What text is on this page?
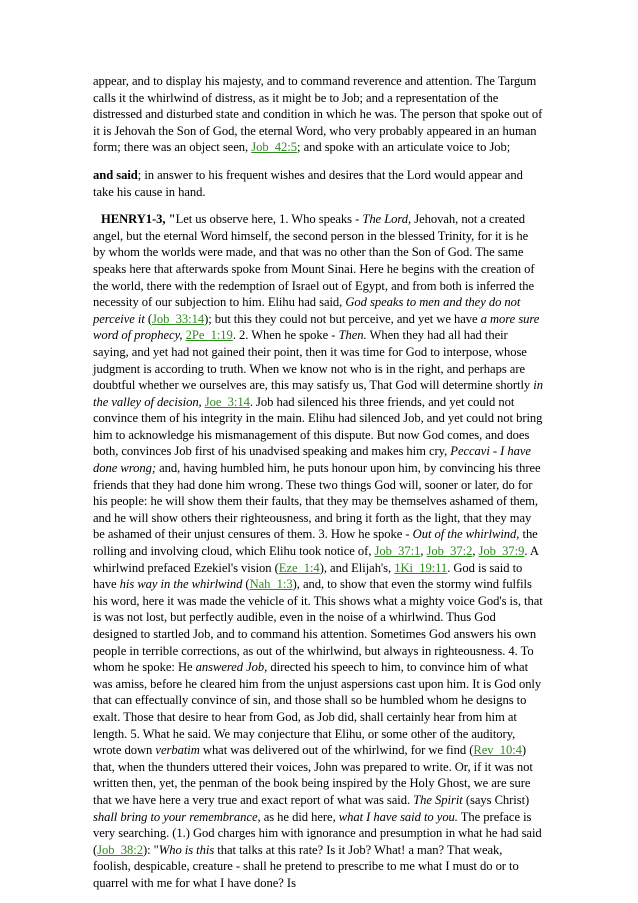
appear, and to display his majesty, and to command reverence and attention. The Targum calls it the whirlwind of distress, as it might be to Job; and a representation of the distressed and disturbed state and condition in which he was. The person that spoke out of it is Jehovah the Son of God, the eternal Word, who very probably appeared in an human form; there was an object seen, Job_42:5; and spoke with an articulate voice to Job;

and said; in answer to his frequent wishes and desires that the Lord would appear and take his cause in hand.

HENRY1-3, "Let us observe here, 1. Who speaks - The Lord, Jehovah, not a created angel, but the eternal Word himself, the second person in the blessed Trinity, for it is he by whom the worlds were made, and that was no other than the Son of God. The same speaks here that afterwards spoke from Mount Sinai. Here he begins with the creation of the world, there with the redemption of Israel out of Egypt, and from both is inferred the necessity of our subjection to him. Elihu had said, God speaks to men and they do not perceive it (Job_33:14); but this they could not but perceive, and yet we have a more sure word of prophecy, 2Pe_1:19. 2. When he spoke - Then. When they had all had their saying, and yet had not gained their point, then it was time for God to interpose, whose judgment is according to truth. When we know not who is in the right, and perhaps are doubtful whether we ourselves are, this may satisfy us, That God will determine shortly in the valley of decision, Joe_3:14. Job had silenced his three friends, and yet could not convince them of his integrity in the main. Elihu had silenced Job, and yet could not bring him to acknowledge his mismanagement of this dispute. But now God comes, and does both, convinces Job first of his unadvised speaking and makes him cry, Peccavi - I have done wrong; and, having humbled him, he puts honour upon him, by convincing his three friends that they had done him wrong. These two things God will, sooner or later, do for his people: he will show them their faults, that they may be themselves ashamed of them, and he will show others their righteousness, and bring it forth as the light, that they may be ashamed of their unjust censures of them. 3. How he spoke - Out of the whirlwind, the rolling and involving cloud, which Elihu took notice of, Job_37:1, Job_37:2, Job_37:9. A whirlwind prefaced Ezekiel's vision (Eze_1:4), and Elijah's, 1Ki_19:11. God is said to have his way in the whirlwind (Nah_1:3), and, to show that even the stormy wind fulfils his word, here it was made the vehicle of it. This shows what a mighty voice God's is, that is was not lost, but perfectly audible, even in the noise of a whirlwind. Thus God designed to startled Job, and to command his attention. Sometimes God answers his own people in terrible corrections, as out of the whirlwind, but always in righteousness. 4. To whom he spoke: He answered Job, directed his speech to him, to convince him of what was amiss, before he cleared him from the unjust aspersions cast upon him. It is God only that can effectually convince of sin, and those shall so be humbled whom he designs to exalt. Those that desire to hear from God, as Job did, shall certainly hear from him at length. 5. What he said. We may conjecture that Elihu, or some other of the auditory, wrote down verbatim what was delivered out of the whirlwind, for we find (Rev_10:4) that, when the thunders uttered their voices, John was prepared to write. Or, if it was not written then, yet, the penman of the book being inspired by the Holy Ghost, we are sure that we have here a very true and exact report of what was said. The Spirit (says Christ) shall bring to your remembrance, as he did here, what I have said to you. The preface is very searching. (1.) God charges him with ignorance and presumption in what he had said (Job_38:2): "Who is this that talks at this rate? Is it Job? What! a man? That weak, foolish, despicable, creature - shall he pretend to prescribe to me what I must do or to quarrel with me for what I have done? Is
